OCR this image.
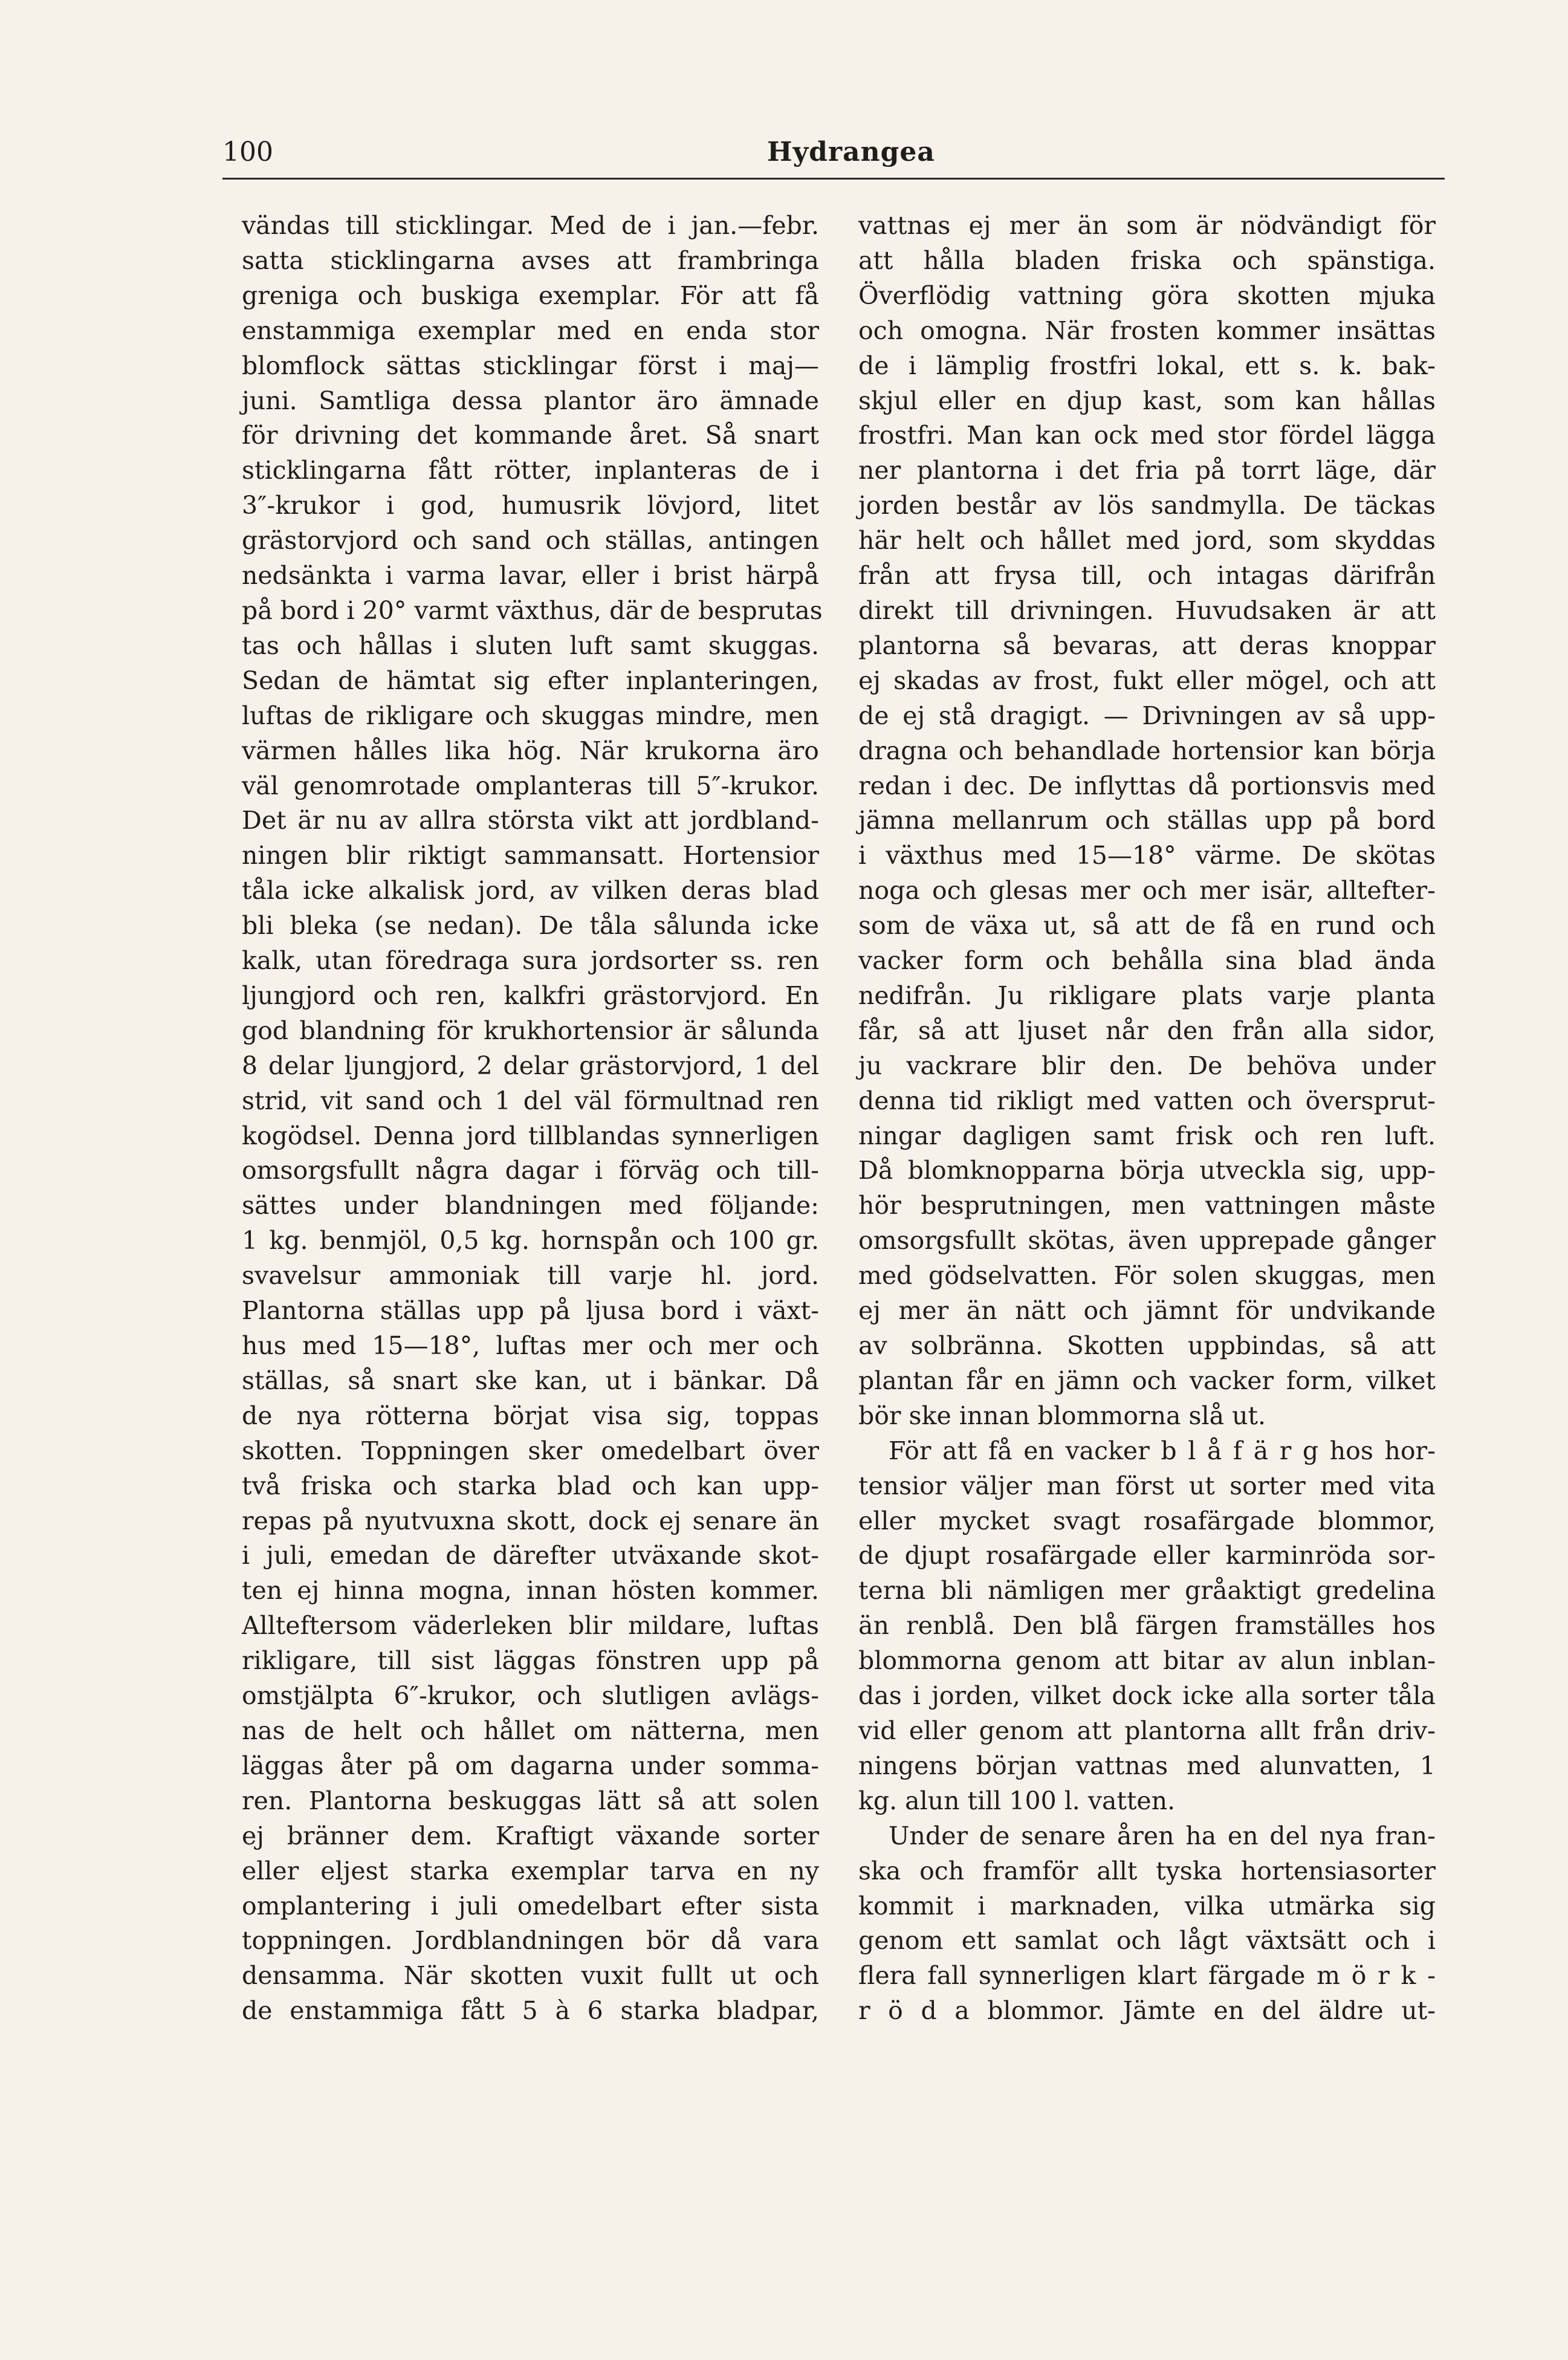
100	Hydrangea
vändas till sticklingar. Med de i jan.—febr.
satta sticklingarna avses att frambringa
greniga och buskiga exemplar. För att få
enstammiga exemplar med en enda stor
blomflock sättas sticklingar först i maj—
juni. Samtliga dessa plantor äro ämnade
för drivning det kommande året. Så snart
sticklingarna fått rötter, inplanteras de i
3″-krukor i god, humusrik lövjord, litet
grästorvjord och sand och ställas, antingen
nedsänkta i varma lavar, eller i brist härpå
på bord i 20° varmt växthus, där de besprutas
tas och hållas i sluten luft samt skuggas.
Sedan de hämtat sig efter inplanteringen,
luftas de rikligare och skuggas mindre, men
värmen hålles lika hög. När krukorna äro
väl genomrotade omplanteras till 5″-krukor.
Det är nu av allra största vikt att jordbland-
ningen blir riktigt sammansatt. Hortensior
tåla icke alkalisk jord, av vilken deras blad
bli bleka (se nedan). De tåla sålunda icke
kalk, utan föredraga sura jordsorter ss. ren
ljungjord och ren, kalkfri grästorvjord. En
god blandning för krukhortensior är sålunda
8 delar ljungjord, 2 delar grästorvjord, 1 del
strid, vit sand och 1 del väl förmultnad ren
kogödsel. Denna jord tillblandas synnerligen
omsorgsfullt några dagar i förväg och till-
sättes under blandningen med följande:
1 kg. benmjöl, 0,5 kg. hornspån och 100 gr.
svavelsur ammoniak till varje hl. jord.
Plantorna ställas upp på ljusa bord i växt-
hus med 15—18°, luftas mer och mer och
ställas, så snart ske kan, ut i bänkar. Då
de nya rötterna börjat visa sig, toppas
skotten. Toppningen sker omedelbart över
två friska och starka blad och kan upp-
repas på nyutvuxna skott, dock ej senare än
i juli, emedan de därefter utväxande skot-
ten ej hinna mogna, innan hösten kommer.
Allteftersom väderleken blir mildare, luftas
rikligare, till sist läggas fönstren upp på
omstjälpta 6″-krukor, och slutligen avlägs-
nas de helt och hållet om nätterna, men
läggas åter på om dagarna under somma-
ren. Plantorna beskuggas lätt så att solen
ej bränner dem. Kraftigt växande sorter
eller eljest starka exemplar tarva en ny
omplantering i juli omedelbart efter sista
toppningen. Jordblandningen bör då vara
densamma. När skotten vuxit fullt ut och
de enstammiga fått 5 à 6 starka bladpar,
vattnas ej mer än som är nödvändigt för
att hålla bladen friska och spänstiga.
Överflödig vattning göra skotten mjuka
och omogna. När frosten kommer insättas
de i lämplig frostfri lokal, ett s. k. bak-
skjul eller en djup kast, som kan hållas
frostfri. Man kan ock med stor fördel lägga
ner plantorna i det fria på torrt läge, där
jorden består av lös sandmylla. De täckas
här helt och hållet med jord, som skyddas
från att frysa till, och intagas därifrån
direkt till drivningen. Huvudsaken är att
plantorna så bevaras, att deras knoppar
ej skadas av frost, fukt eller mögel, och att
de ej stå dragigt. — Drivningen av så upp-
dragna och behandlade hortensior kan börja
redan i dec. De inflyttas då portionsvis med
jämna mellanrum och ställas upp på bord
i växthus med 15—18° värme. De skötas
noga och glesas mer och mer isär, alltefter-
som de växa ut, så att de få en rund och
vacker form och behålla sina blad ända
nedifrån. Ju rikligare plats varje planta
får, så att ljuset når den från alla sidor,
ju vackrare blir den. De behöva under
denna tid rikligt med vatten och översprut-
ningar dagligen samt frisk och ren luft.
Då blomknopparna börja utveckla sig, upp-
hör besprutningen, men vattningen måste
omsorgsfullt skötas, även upprepade gånger
med gödselvatten. För solen skuggas, men
ej mer än nätt och jämnt för undvikande
av solbränna. Skotten uppbindas, så att
plantan får en jämn och vacker form, vilket
bör ske innan blommorna slå ut.
För att få en vacker b l å f ä r g hos hor-
tensior väljer man först ut sorter med vita
eller mycket svagt rosafärgade blommor,
de djupt rosafärgade eller karminröda sor-
terna bli nämligen mer gråaktigt gredelina
än renblå. Den blå färgen framställes hos
blommorna genom att bitar av alun inblan-
das i jorden, vilket dock icke alla sorter tåla
vid eller genom att plantorna allt från driv-
ningens början vattnas med alunvatten, 1
kg. alun till 100 l. vatten.
Under de senare åren ha en del nya fran-
ska och framför allt tyska hortensiasorter
kommit i marknaden, vilka utmärka sig
genom ett samlat och lågt växtsätt och i
flera fall synnerligen klart färgade m ö r k -
r ö d a blommor. Jämte en del äldre ut-
